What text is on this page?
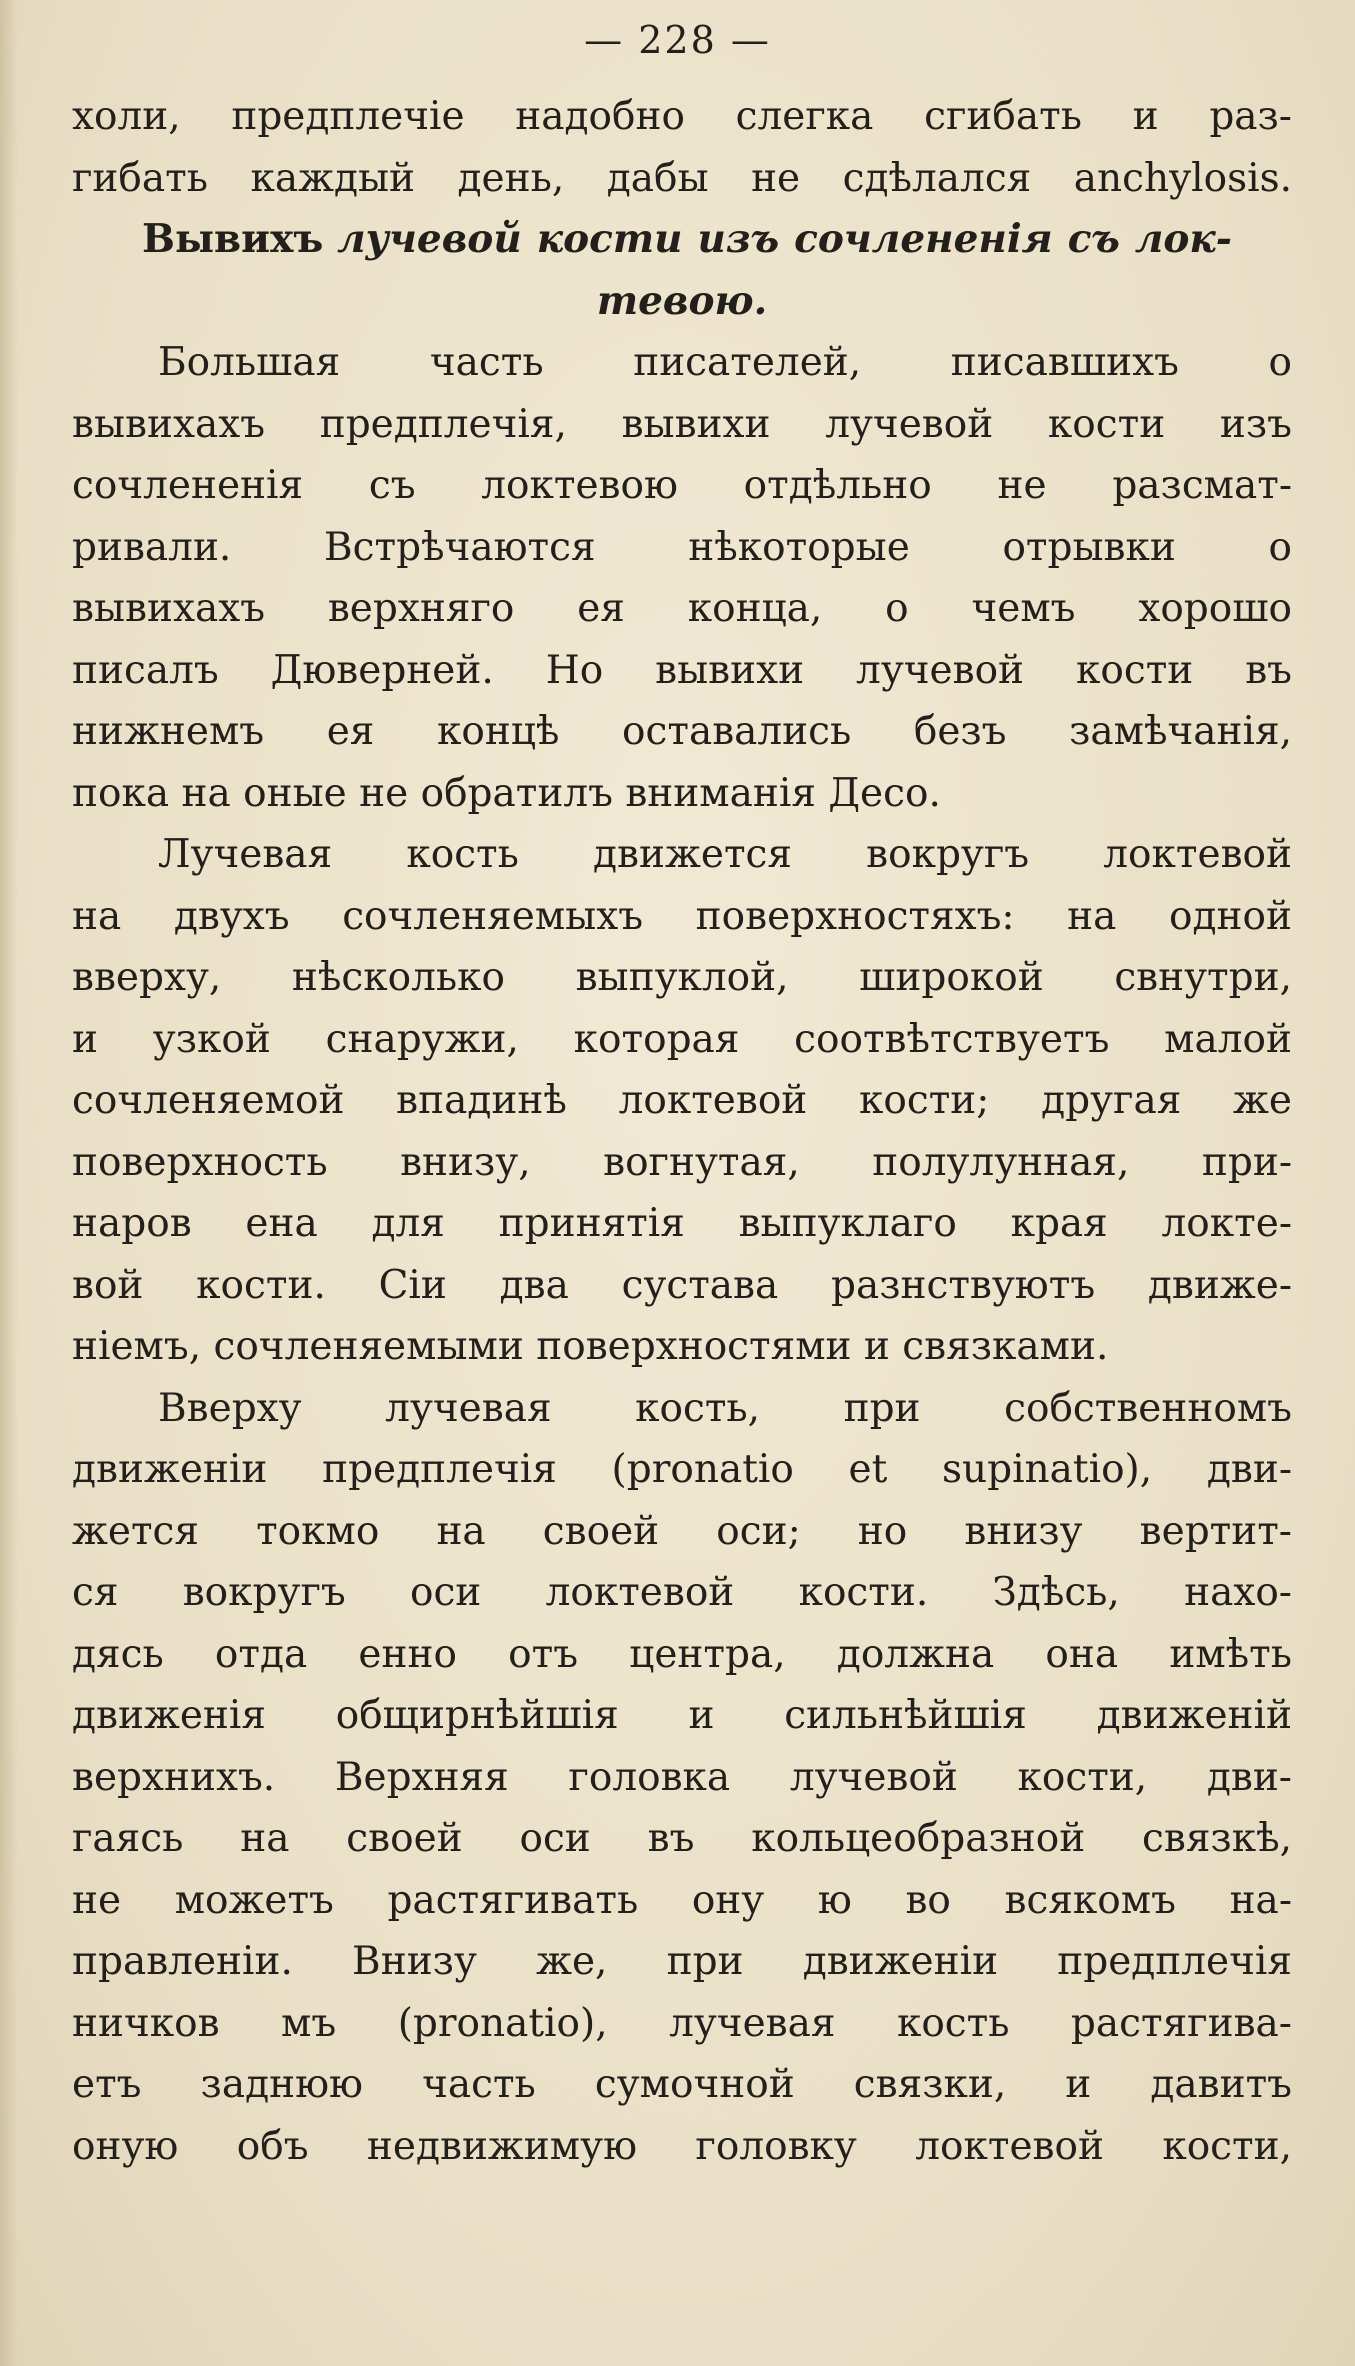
— 228 —
холи, предплечіе надобно слегка сгибать и раз-
гибать каждый день, дабы не сдѣлался anchylosis.
Вывихъ лучевой кости изъ сочлененія съ лок-
тевою.
Большая часть писателей, писавшихъ о
вывихахъ предплечія, вывихи лучевой кости изъ
сочлененія съ локтевою отдѣльно не разсмат-
ривали. Встрѣчаются нѣкоторые отрывки о
вывихахъ верхняго ея конца, о чемъ хорошо
писалъ Дюверней. Но вывихи лучевой кости въ
нижнемъ ея концѣ оставались безъ замѣчанія,
пока на оные не обратилъ вниманія Десо.
Лучевая кость движется вокругъ локтевой
на двухъ сочленяемыхъ поверхностяхъ: на одной
вверху, нѣсколько выпуклой, широкой свнутри,
и узкой снаружи, которая соотвѣтствуетъ малой
сочленяемой впадинѣ локтевой кости; другая же
поверхность внизу, вогнутая, полулунная, при-
наров ена для принятія выпуклаго края локте-
вой кости. Сіи два сустава разнствуютъ движе-
ніемъ, сочленяемыми поверхностями и связками.
Вверху лучевая кость, при собственномъ
движеніи предплечія (pronatio et supinatio), дви-
жется токмо на своей оси; но внизу вертит-
ся вокругъ оси локтевой кости. Здѣсь, нахо-
дясь отда енно отъ центра, должна она имѣть
движенія общирнѣйшія и сильнѣйшія движеній
верхнихъ. Верхняя головка лучевой кости, дви-
гаясь на своей оси въ кольцеобразной связкѣ,
не можетъ растягивать ону ю во всякомъ на-
правленіи. Внизу же, при движеніи предплечія
ничков мъ (pronatio), лучевая кость растягива-
етъ заднюю часть сумочной связки, и давитъ
оную объ недвижимую головку локтевой кости,
